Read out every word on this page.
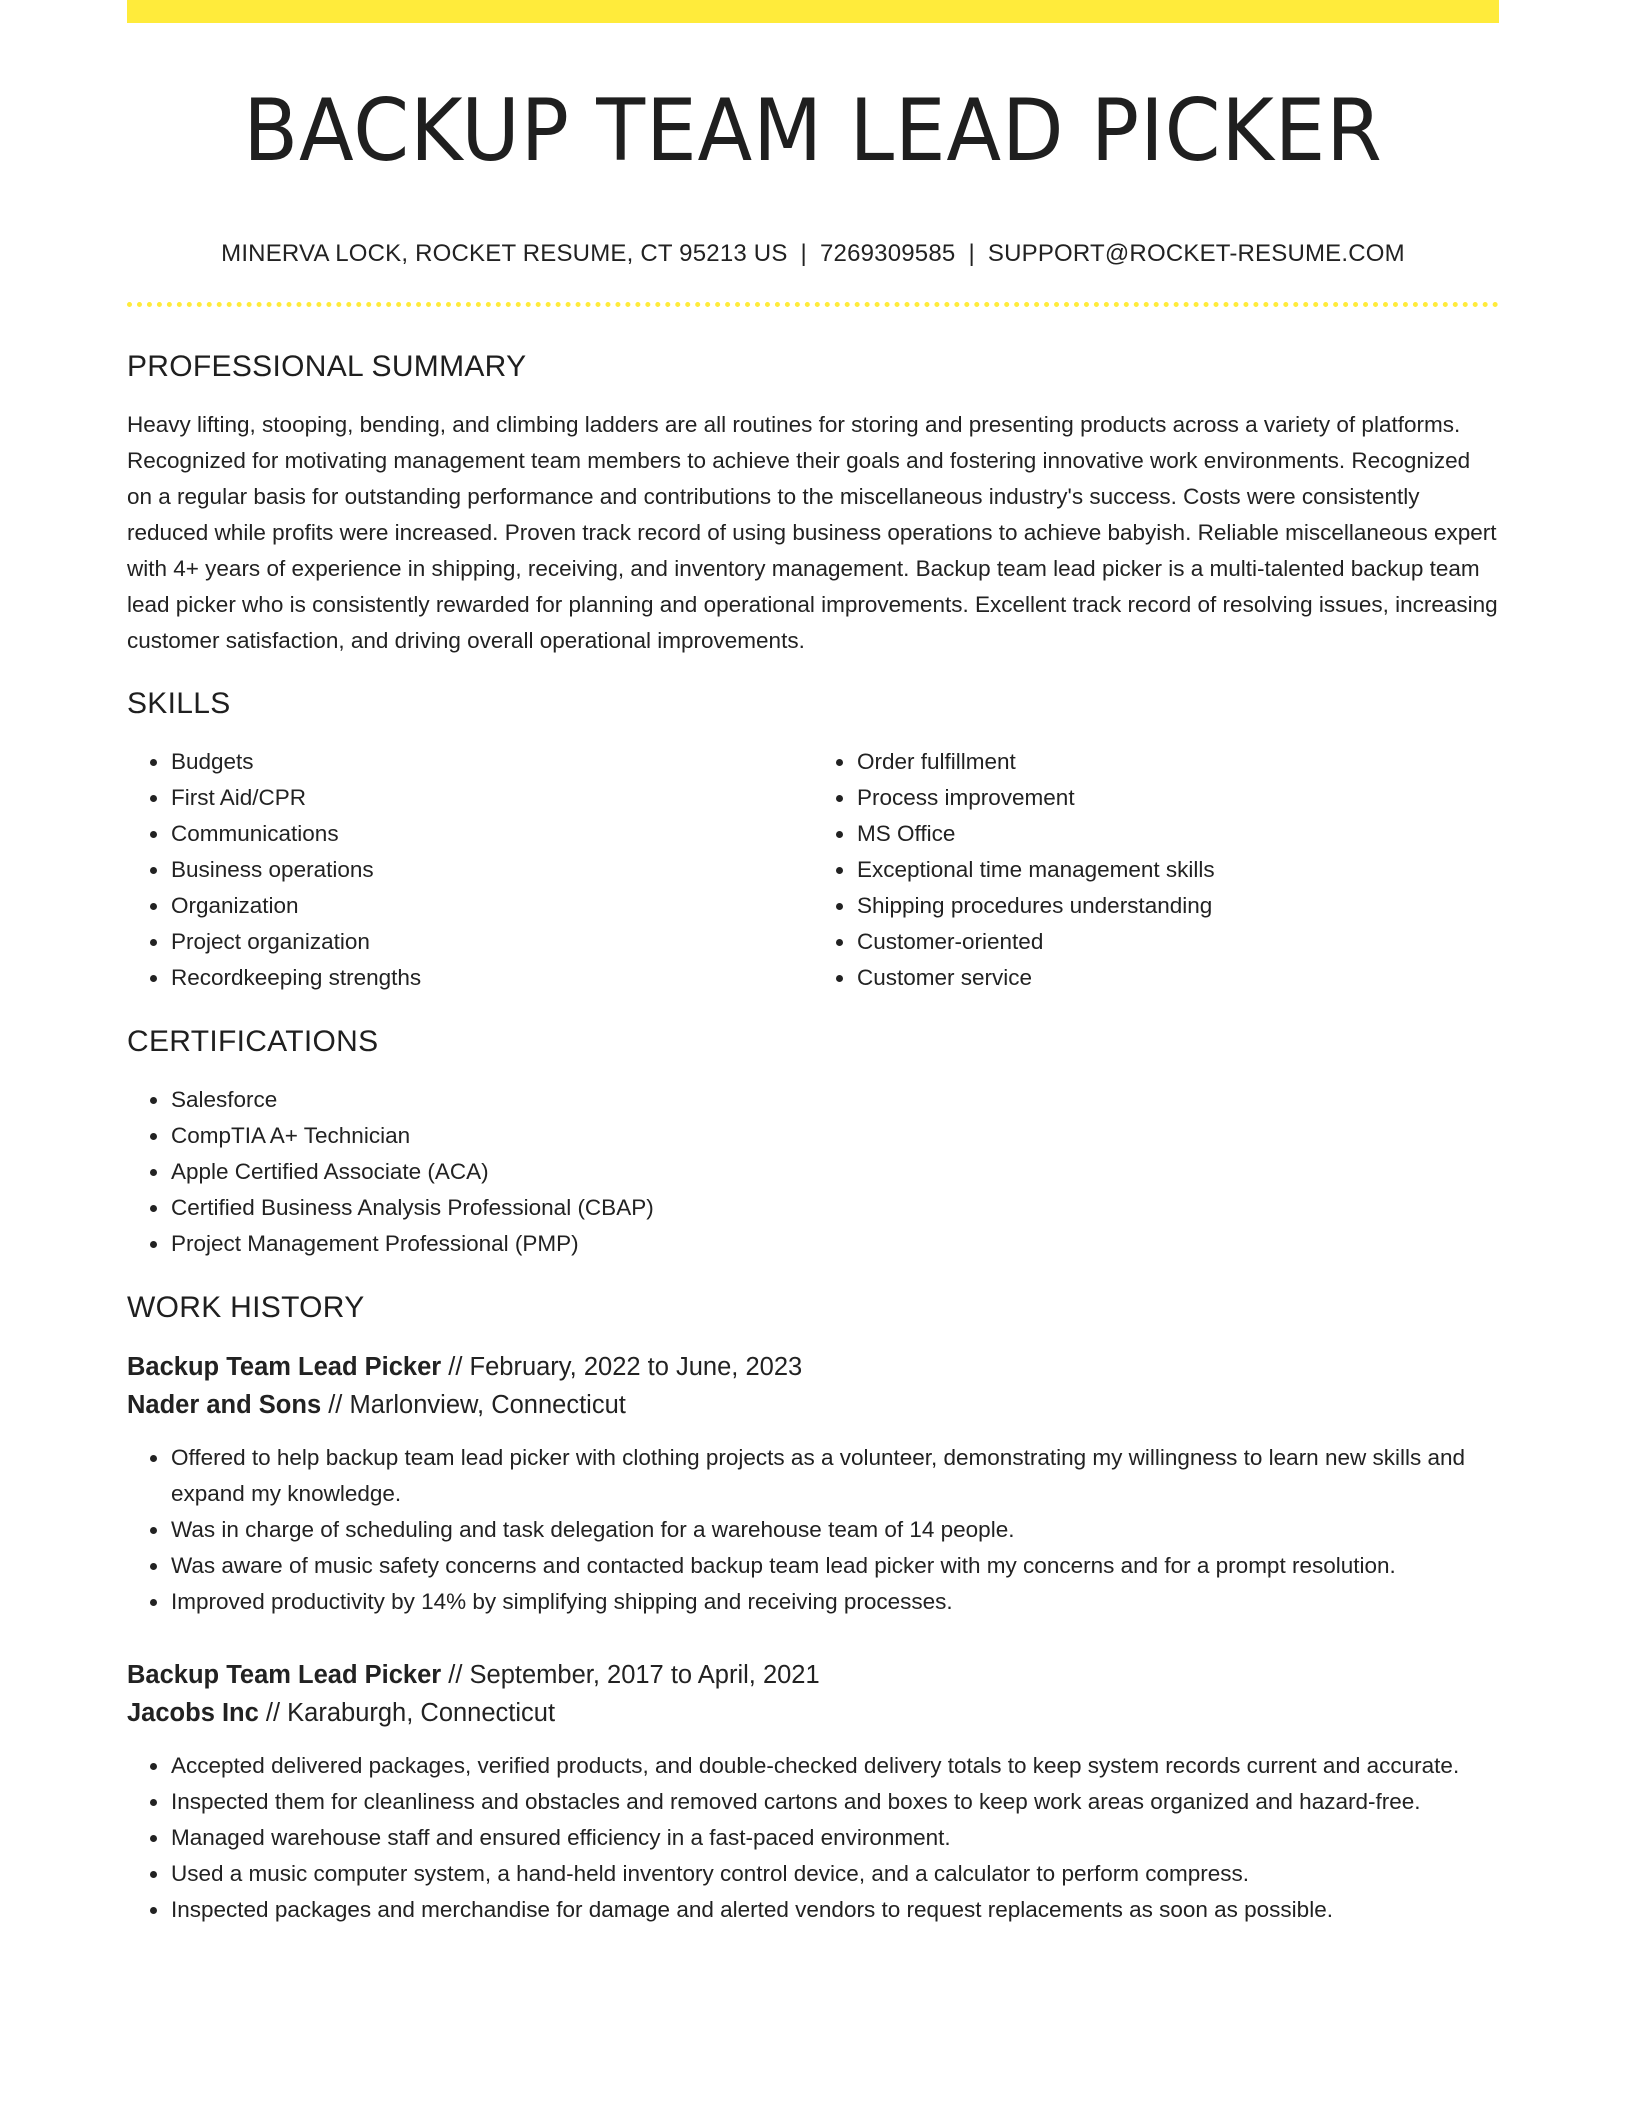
BACKUP TEAM LEAD PICKER
MINERVA LOCK, ROCKET RESUME, CT 95213 US | 7269309585 | SUPPORT@ROCKET-RESUME.COM
PROFESSIONAL SUMMARY
Heavy lifting, stooping, bending, and climbing ladders are all routines for storing and presenting products across a variety of platforms. Recognized for motivating management team members to achieve their goals and fostering innovative work environments. Recognized on a regular basis for outstanding performance and contributions to the miscellaneous industry's success. Costs were consistently reduced while profits were increased. Proven track record of using business operations to achieve babyish. Reliable miscellaneous expert with 4+ years of experience in shipping, receiving, and inventory management. Backup team lead picker is a multi-talented backup team lead picker who is consistently rewarded for planning and operational improvements. Excellent track record of resolving issues, increasing customer satisfaction, and driving overall operational improvements.
SKILLS
• Budgets
• First Aid/CPR
• Communications
• Business operations
• Organization
• Project organization
• Recordkeeping strengths
• Order fulfillment
• Process improvement
• MS Office
• Exceptional time management skills
• Shipping procedures understanding
• Customer-oriented
• Customer service
CERTIFICATIONS
• Salesforce
• CompTIA A+ Technician
• Apple Certified Associate (ACA)
• Certified Business Analysis Professional (CBAP)
• Project Management Professional (PMP)
WORK HISTORY
Backup Team Lead Picker // February, 2022 to June, 2023
Nader and Sons // Marlonview, Connecticut
• Offered to help backup team lead picker with clothing projects as a volunteer, demonstrating my willingness to learn new skills and expand my knowledge.
• Was in charge of scheduling and task delegation for a warehouse team of 14 people.
• Was aware of music safety concerns and contacted backup team lead picker with my concerns and for a prompt resolution.
• Improved productivity by 14% by simplifying shipping and receiving processes.
Backup Team Lead Picker // September, 2017 to April, 2021
Jacobs Inc // Karaburgh, Connecticut
• Accepted delivered packages, verified products, and double-checked delivery totals to keep system records current and accurate.
• Inspected them for cleanliness and obstacles and removed cartons and boxes to keep work areas organized and hazard-free.
• Managed warehouse staff and ensured efficiency in a fast-paced environment.
• Used a music computer system, a hand-held inventory control device, and a calculator to perform compress.
• Inspected packages and merchandise for damage and alerted vendors to request replacements as soon as possible.
